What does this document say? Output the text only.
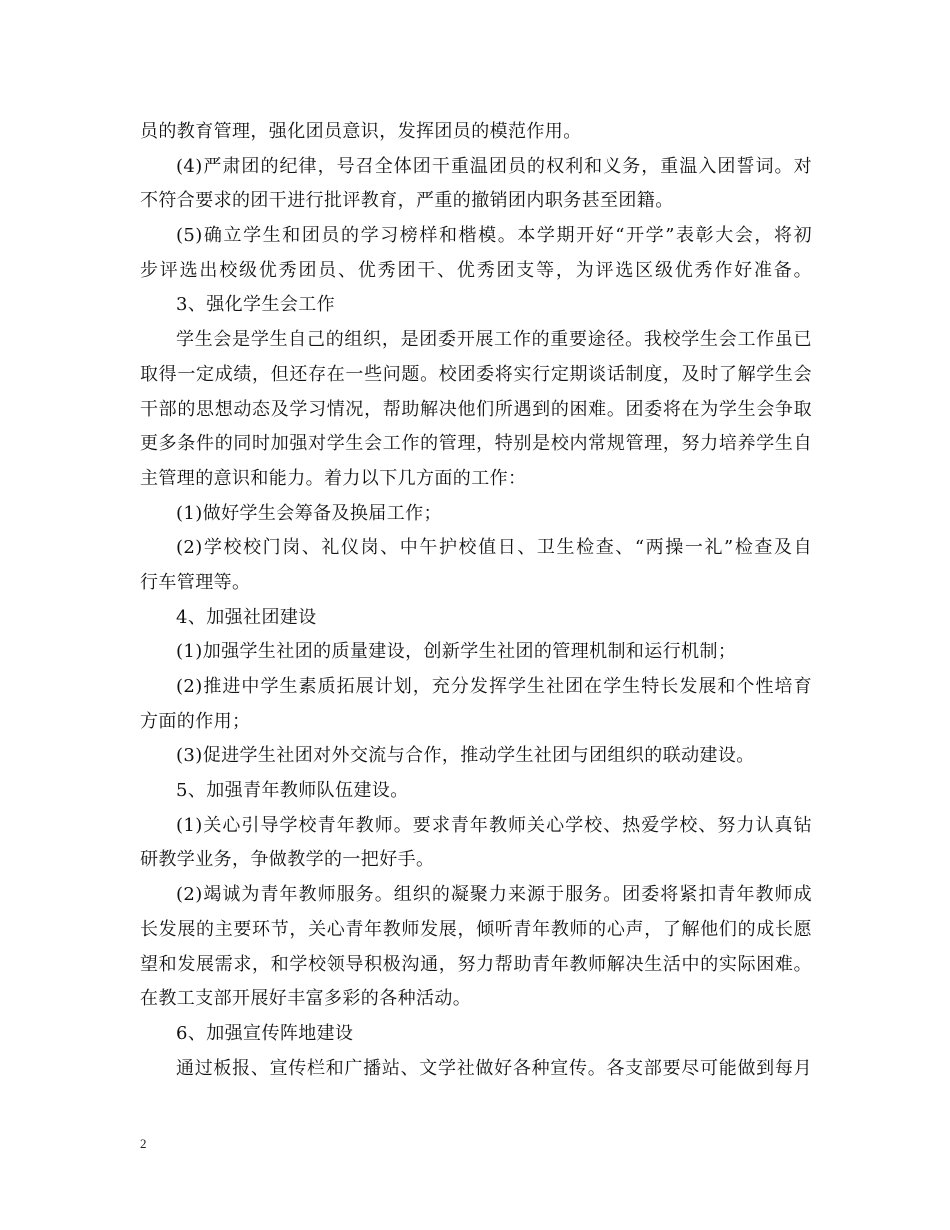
员的教育管理，强化团员意识，发挥团员的模范作用。
(4)严肃团的纪律，号召全体团干重温团员的权利和义务，重温入团誓词。对
不符合要求的团干进行批评教育，严重的撤销团内职务甚至团籍。
(5)确立学生和团员的学习榜样和楷模。本学期开好“开学”表彰大会，将初
步评选出校级优秀团员、优秀团干、优秀团支等，为评选区级优秀作好准备。
3、强化学生会工作
学生会是学生自己的组织，是团委开展工作的重要途径。我校学生会工作虽已
取得一定成绩，但还存在一些问题。校团委将实行定期谈话制度，及时了解学生会
干部的思想动态及学习情况，帮助解决他们所遇到的困难。团委将在为学生会争取
更多条件的同时加强对学生会工作的管理，特别是校内常规管理，努力培养学生自
主管理的意识和能力。着力以下几方面的工作：
(1)做好学生会筹备及换届工作；
(2)学校校门岗、礼仪岗、中午护校值日、卫生检查、“两操一礼”检查及自
行车管理等。
4、加强社团建设
(1)加强学生社团的质量建设，创新学生社团的管理机制和运行机制；
(2)推进中学生素质拓展计划，充分发挥学生社团在学生特长发展和个性培育
方面的作用；
(3)促进学生社团对外交流与合作，推动学生社团与团组织的联动建设。
5、加强青年教师队伍建设。
(1)关心引导学校青年教师。要求青年教师关心学校、热爱学校、努力认真钻
研教学业务，争做教学的一把好手。
(2)竭诚为青年教师服务。组织的凝聚力来源于服务。团委将紧扣青年教师成
长发展的主要环节，关心青年教师发展，倾听青年教师的心声，了解他们的成长愿
望和发展需求，和学校领导积极沟通，努力帮助青年教师解决生活中的实际困难。
在教工支部开展好丰富多彩的各种活动。
6、加强宣传阵地建设
通过板报、宣传栏和广播站、文学社做好各种宣传。各支部要尽可能做到每月
2
